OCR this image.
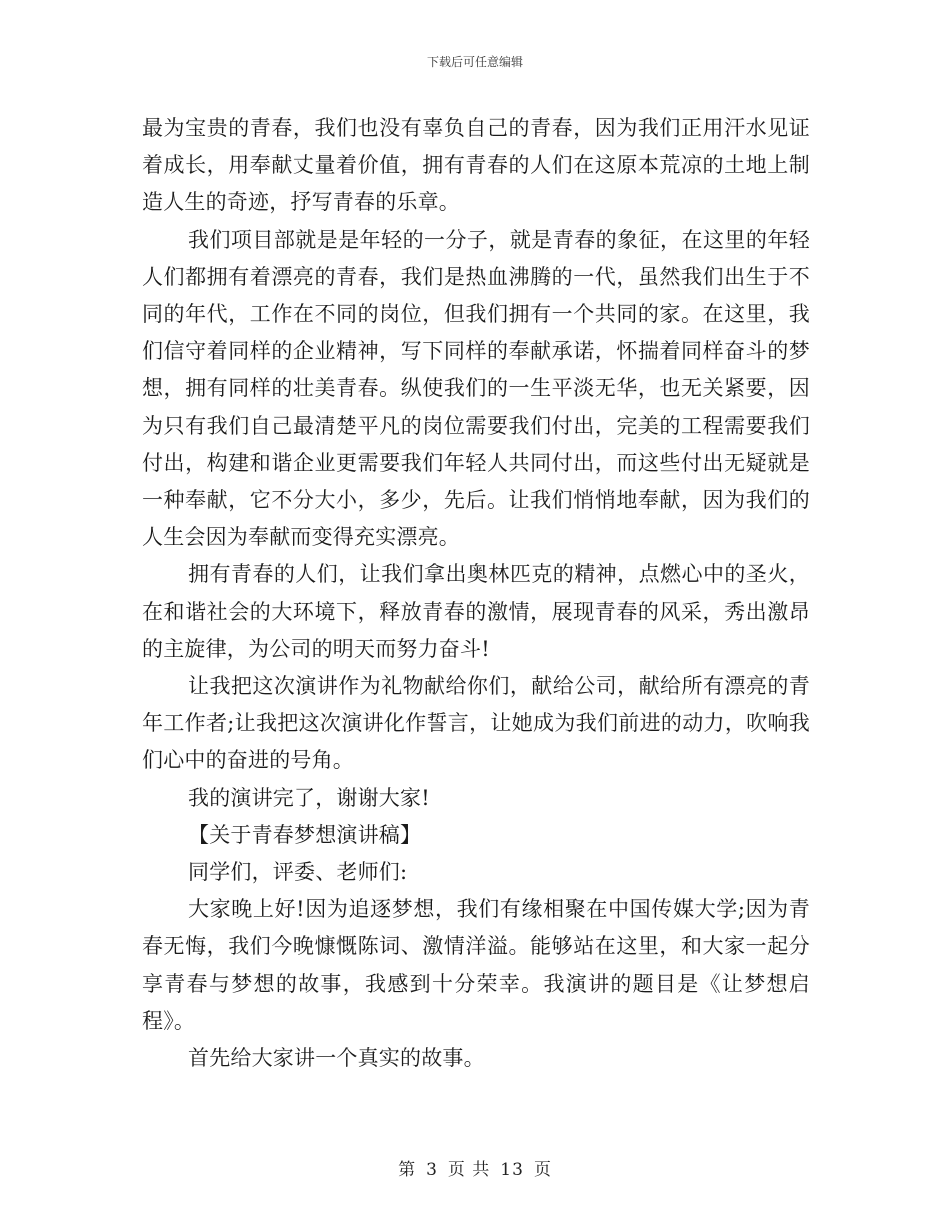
下载后可任意编辑

最为宝贵的青春，我们也没有辜负自己的青春，因为我们正用汗水见证着成长，用奉献丈量着价值，拥有青春的人们在这原本荒凉的土地上制造人生的奇迹，抒写青春的乐章。

我们项目部就是是年轻的一分子，就是青春的象征，在这里的年轻人们都拥有着漂亮的青春，我们是热血沸腾的一代，虽然我们出生于不同的年代，工作在不同的岗位，但我们拥有一个共同的家。在这里，我们信守着同样的企业精神，写下同样的奉献承诺，怀揣着同样奋斗的梦想，拥有同样的壮美青春。纵使我们的一生平淡无华，也无关紧要，因为只有我们自己最清楚平凡的岗位需要我们付出，完美的工程需要我们付出，构建和谐企业更需要我们年轻人共同付出，而这些付出无疑就是一种奉献，它不分大小，多少，先后。让我们悄悄地奉献，因为我们的人生会因为奉献而变得充实漂亮。

拥有青春的人们，让我们拿出奥林匹克的精神，点燃心中的圣火，在和谐社会的大环境下，释放青春的激情，展现青春的风采，秀出激昂的主旋律，为公司的明天而努力奋斗!

让我把这次演讲作为礼物献给你们，献给公司，献给所有漂亮的青年工作者;让我把这次演讲化作誓言，让她成为我们前进的动力，吹响我们心中的奋进的号角。

我的演讲完了，谢谢大家!

【关于青春梦想演讲稿】

同学们，评委、老师们:

大家晚上好!因为追逐梦想，我们有缘相聚在中国传媒大学;因为青春无悔，我们今晚慷慨陈词、激情洋溢。能够站在这里，和大家一起分享青春与梦想的故事，我感到十分荣幸。我演讲的题目是《让梦想启程》。

首先给大家讲一个真实的故事。

第 3 页 共 13 页
